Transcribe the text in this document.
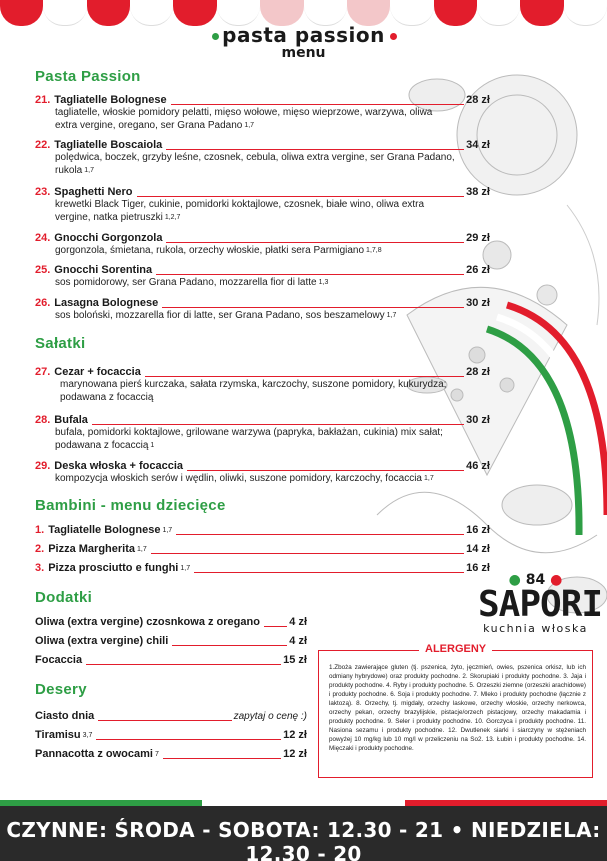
pasta passion
menu
Pasta Passion
21. Tagliatelle Bolognese	28 zł
tagliatelle, włoskie pomidory pelatti, mięso wołowe, mięso wieprzowe, warzywa, oliwa extra vergine, oregano, ser Grana Padano $^{1,7}$
22. Tagliatelle Boscaiola	34 zł
polędwica, boczek, grzyby leśne, czosnek, cebula, oliwa extra vergine, ser Grana Padano, rukola $^{1,7}$
23. Spaghetti Nero	38 zł
krewetki Black Tiger, cukinie, pomidorki koktajlowe, czosnek, białe wino, oliwa extra vergine, natka pietruszki $^{1,2,7}$
24. Gnocchi Gorgonzola	29 zł
gorgonzola, śmietana, rukola, orzechy włoskie, płatki sera Parmigiano $^{1,7,8}$
25. Gnocchi Sorentina	26 zł
sos pomidorowy, ser Grana Padano, mozzarella fior di latte $^{1,3}$
26. Lasagna Bolognese	30 zł
sos boloński, mozzarella fior di latte, ser Grana Padano, sos beszamelowy $^{1,7}$
Sałatki
27. Cezar + focaccia	28 zł
marynowana pierś kurczaka, sałata rzymska, karczochy, suszone pomidory, kukurydza; podawana z focaccią
28. Bufala	30 zł
bufala, pomidorki koktajlowe, grilowane warzywa (papryka, bakłażan, cukinia) mix sałat; podawana z focaccią $^1$
29. Deska włoska + focaccia	46 zł
kompozycja włoskich serów i wędlin, oliwki, suszone pomidory, karczochy, focaccia $^{1,7}$
Bambini - menu dziecięce
1. Tagliatelle Bolognese 1,7	16 zł
2. Pizza Margherita 1,7	14 zł
3. Pizza prosciutto e funghi 1,7	16 zł
Dodatki
Oliwa (extra vergine) czosnkowa z oregano	4 zł
Oliwa (extra vergine) chili	4 zł
Focaccia	15 zł
Desery
Ciasto dnia	zapytaj o cenę :)
Tiramisu 3,7	12 zł
Pannacotta z owocami 7	12 zł
● 84 ●
SAPORI
kuchnia włoska
ALERGENY
1.Zboża zawierające gluten (tj. pszenica, żyto, jęczmień, owies, pszenica orkisz, lub ich odmiany hybrydowe) oraz produkty pochodne. 2. Skorupiaki i produkty pochodne. 3. Jaja i produkty pochodne. 4. Ryby i produkty pochodne. 5. Orzeszki ziemne (orzeszki arachidowe) i produkty pochodne. 6. Soja i produkty pochodne. 7. Mleko i produkty pochodne (łącznie z laktozą). 8. Orzechy, tj. migdały, orzechy laskowe, orzechy włoskie, orzechy nerkowca, orzechy pekan, orzechy brazylijskie, pistacje/orzech pistacjowy, orzechy makadamia i produkty pochodne. 9. Seler i produkty pochodne. 10. Gorczyca i produkty pochodne. 11. Nasiona sezamu i produkty pochodne. 12. Dwutlenek siarki i siarczyny w stężeniach powyżej 10 mg/kg lub 10 mg/l w przeliczeniu na So2. 13. Łubin i produkty pochodne. 14. Mięczaki i produkty pochodne.
CZYNNE: ŚRODA - SOBOTA: 12.30 - 21 • NIEDZIELA: 12.30 - 20
